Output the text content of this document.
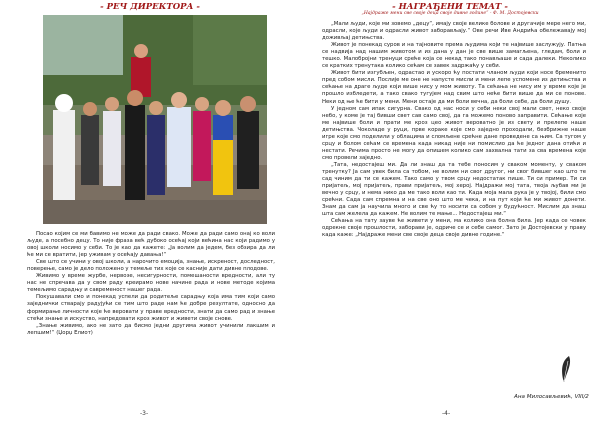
- РЕЧ ДИРЕКТОРА -

Посао којим се ми бавимо не може да ради свако. Може да ради само онај ко воли људе, а посебно децу. То није фраза већ дубоко осећај који већина нас који радимо у овој школи носимо у себи. То је као да кажете: „Ја волим да једем, без обзира да ли ће ми се вратити, јер уживам у осећају давања!“

Све што се учини у овој школи, а нарочито емоција, знање, искреност, доследност, поверење, само је дело положено у темеље тих које се касније дати дивне плодове.

Живимо у време журбе, нервозе, несигурности, помешаности вредности, али ту нас не спречава да у свом раду креирамо нове начине рада и нове методе којима темељимо сарадњу и савременост нашег рада.

Покушавали смо и понекад успели да родитеље сарадњу која има тим који само заједнички стварају радујући се тим што раде нам ће добре резултате, односно да формирање личности које ће веровати у праве вредности, знати да само рад и знање стећи знање и искуство, напредовати кроз живот и живети своје снове.

„Знање живимо, ако не зато да бисмо једни другима живот учинили лакшим и лепшим!“ (Џорџ Елиот)

-3-
- НАГРАЂЕНИ ТЕМАТ -
„Најдраже мени све своје деца своје дивне године“ - Ф. М. Достојевски

„Мали људи, које ми зовемо „децу“, имају своје велике болове и другачије мере него ми, одрасли, које људи и одрасли живот заборављају.“ Ове речи Иве Андрића обележавају мој доживљај детињства.

Живот је понекад суров и на тајновите према људима који те највише заслужују. Патња се надвија над нашим животом и из дана у дан је све више замагљена, гледам, боли и тешко. Малобројни тренуци среће која се некад тако понављаше и сада далеки. Неколико се кратких тренутака колико сећам се завек задржаћу у себи.

Живот бити изгубљен, одрастао и ускоро ћу постати чланом људи који носе бременито пред собом мисли. Послије ме оне не напусте мисли и мени лепе успомене из детињства и сећање на драге људе који више нису у мом животу. Та сећања не нису им у време које је прошло избледети, а тако свако тугујем над свим што неће бити више да ми се понове. Неки од ње ће бити у мени. Мени остаје да ми боли вечна, да боли себе, да боли душу.

У једном сам ипак сигурна. Свако од нас носи у себи неки свој мали свет, неко своје небо, у коме је тај бивши свет сав само свој, да га можемо поново заправити. Сећање које ме највише боли и прати ме кроз цео живот вероватно је из свету и прелепе наше детињства. Чоколаде у руци, прве кораке које смо заједно проходали, безбрижне наше игре које смо поделили у облацима и сломљене срећне дане проведене са њим. Са тугом у срцу и болом сећам се времена када никад није ни помислио да ће једног дана отићи и нестати. Речима просто не могу да опишем колико сам захвална тати за сва времена које смо провели заједно.

„Тата, недостајеш ми. Да ли знаш да та тебе поносим у сваком моменту, у сваком тренутку? Ја сам увек била са тобом, не волим ни свог другог, ни свог бившег као што те сад чиним да ти се кажем. Тако само у твом срцу недостатак пише. Ти си пример. Ти си пријатељ, мој пријатељ, прави пријатељ, мој херој. Најдражи мој тата, твоја љубав ми је вечно у срцу, и нема нико да ме тако воли као ти. Када моја мала рука је у твојој, били смо срећни. Сада сам спремна и на све оно што ме чека, и на пут који ће ми живот донети. Знам да сам ја научила много и све ћу то носити са собом у будућност. Мислим да знаш шта сам желела да кажем. Не волим те мање... Недостајеш ми.“

Сећања на тату зауве ће живети у мени, ма колико она болна била. Јер када се човек одрекне своје прошлости, заборави је, одриче се и себе самог. Зато је Достојевски у праву када каже: „Најдраже мени све своје деца своје дивне године.“

Ана Милосављевић, VIII/2
-4-
